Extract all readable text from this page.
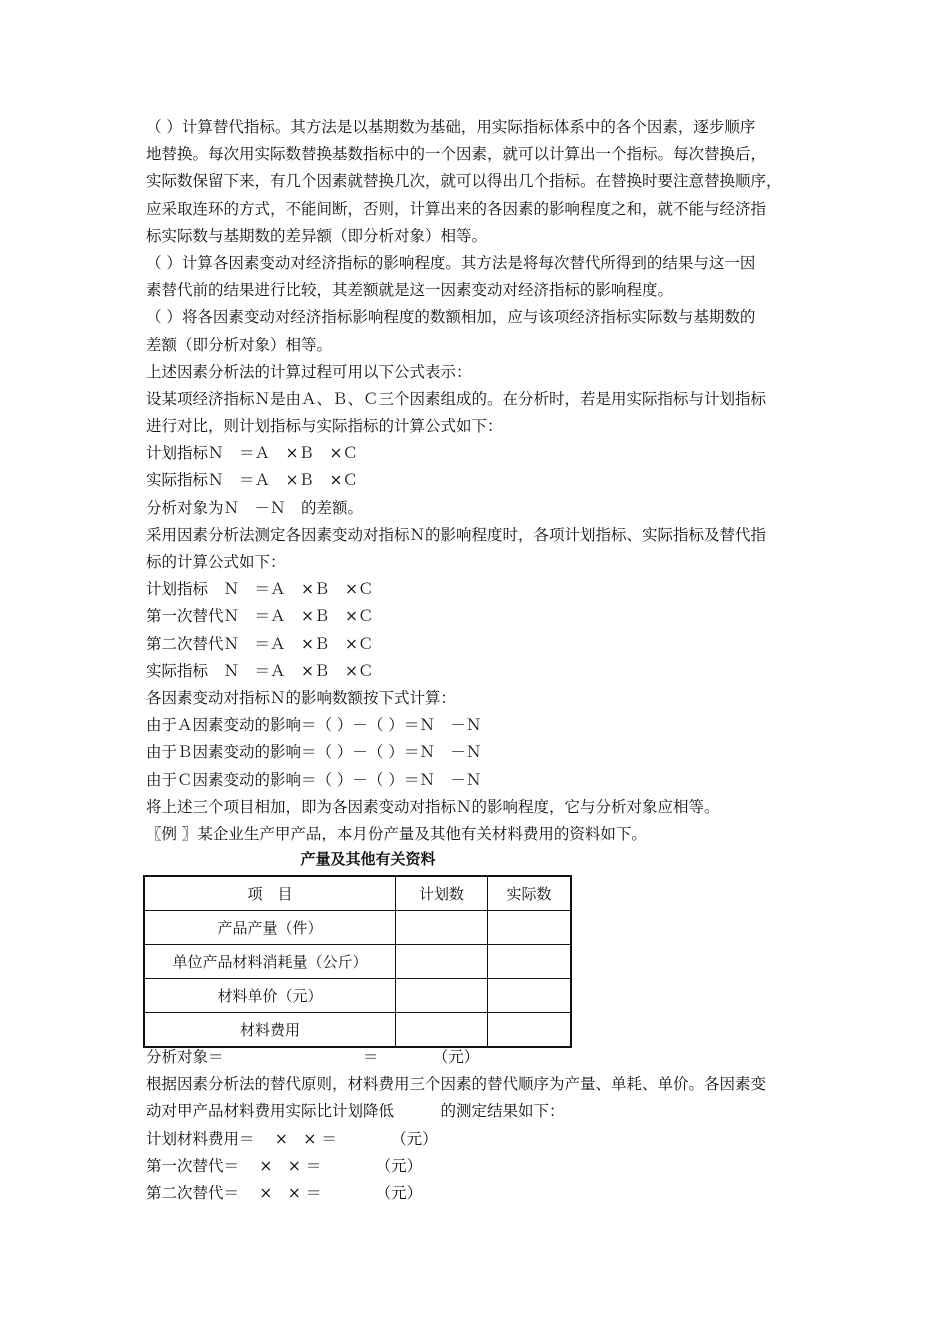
（ ）计算替代指标。其方法是以基期数为基础，用实际指标体系中的各个因素，逐步顺序
地替换。每次用实际数替换基数指标中的一个因素，就可以计算出一个指标。每次替换后，
实际数保留下来，有几个因素就替换几次，就可以得出几个指标。在替换时要注意替换顺序，
应采取连环的方式，不能间断，否则，计算出来的各因素的影响程度之和，就不能与经济指
标实际数与基期数的差异额（即分析对象）相等。
（ ）计算各因素变动对经济指标的影响程度。其方法是将每次替代所得到的结果与这一因
素替代前的结果进行比较，其差额就是这一因素变动对经济指标的影响程度。
（ ）将各因素变动对经济指标影响程度的数额相加，应与该项经济指标实际数与基期数的
差额（即分析对象）相等。
上述因素分析法的计算过程可用以下公式表示：
设某项经济指标Ｎ是由Ａ、Ｂ、Ｃ三个因素组成的。在分析时，若是用实际指标与计划指标
进行对比，则计划指标与实际指标的计算公式如下：
计划指标Ｎ　＝Ａ　×Ｂ　×Ｃ
实际指标Ｎ　＝Ａ　×Ｂ　×Ｃ
分析对象为Ｎ　－Ｎ　的差额。
采用因素分析法测定各因素变动对指标Ｎ的影响程度时，各项计划指标、实际指标及替代指
标的计算公式如下：
计划指标　Ｎ　＝Ａ　×Ｂ　×Ｃ
第一次替代Ｎ　＝Ａ　×Ｂ　×Ｃ
第二次替代Ｎ　＝Ａ　×Ｂ　×Ｃ
实际指标　Ｎ　＝Ａ　×Ｂ　×Ｃ
各因素变动对指标Ｎ的影响数额按下式计算：
由于Ａ因素变动的影响＝（ ）－（ ）＝Ｎ　－Ｎ
由于Ｂ因素变动的影响＝（ ）－（ ）＝Ｎ　－Ｎ
由于Ｃ因素变动的影响＝（ ）－（ ）＝Ｎ　－Ｎ
将上述三个项目相加，即为各因素变动对指标Ｎ的影响程度，它与分析对象应相等。
〖例 〗某企业生产甲产品，本月份产量及其他有关材料费用的资料如下。
产量及其他有关资料
项　目	计划数	实际数
产品产量（件）		
单位产品材料消耗量（公斤）		
材料单价（元）		
材料费用		
分析对象＝　　　　　　　　　＝　　　　（元）
根据因素分析法的替代原则，材料费用三个因素的替代顺序为产量、单耗、单价。各因素变
动对甲产品材料费用实际比计划降低　　　的测定结果如下：
计划材料费用＝　 ×　× ＝　　　　（元）
第一次替代＝　 ×　× ＝　　　　（元）
第二次替代＝　 ×　× ＝　　　　（元）
